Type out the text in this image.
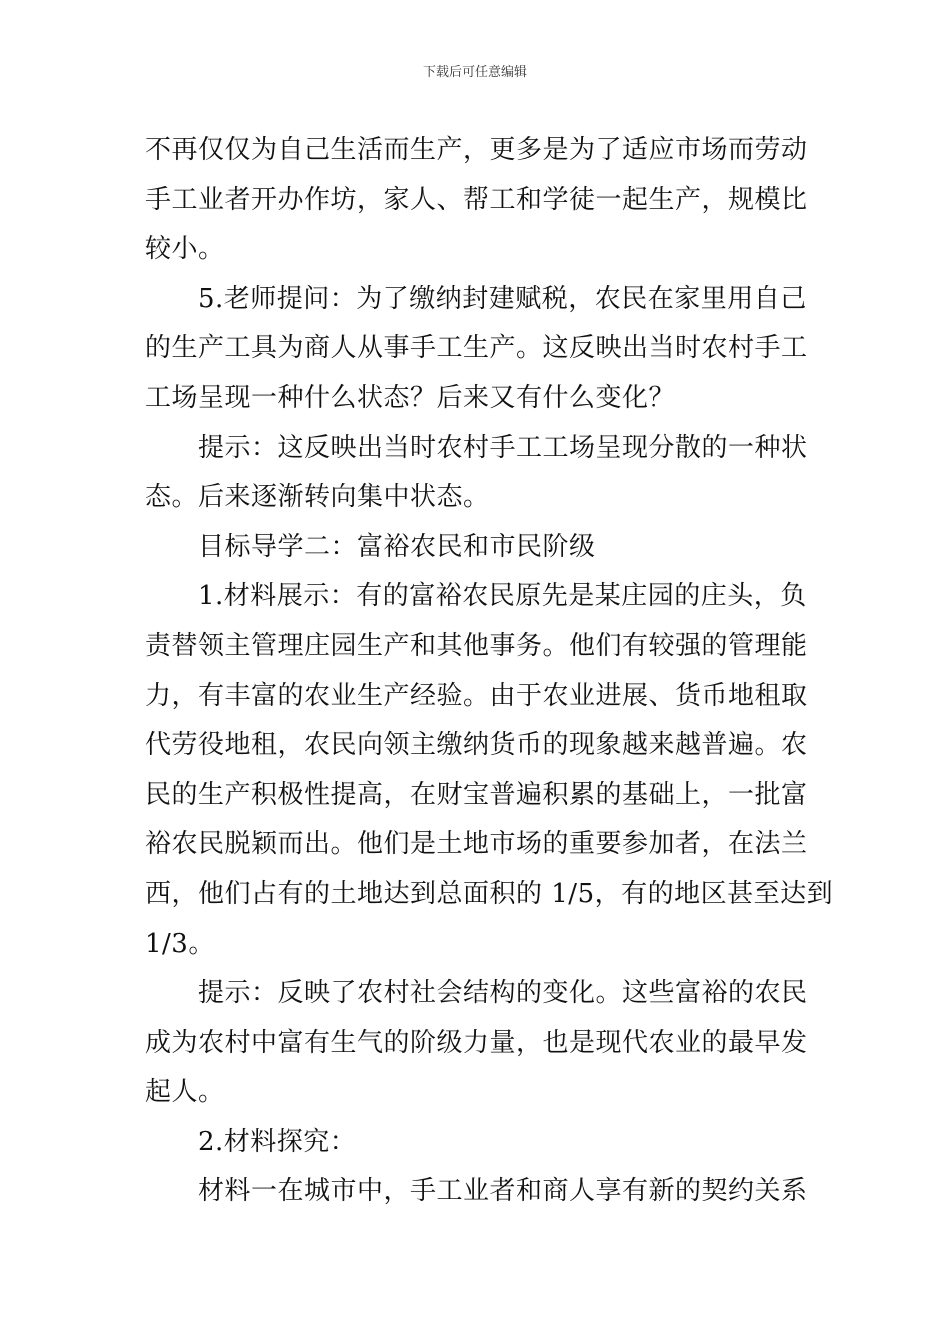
下载后可任意编辑
不再仅仅为自己生活而生产，更多是为了适应市场而劳动
手工业者开办作坊，家人、帮工和学徒一起生产，规模比
较小。
5.老师提问：为了缴纳封建赋税，农民在家里用自己
的生产工具为商人从事手工生产。这反映出当时农村手工
工场呈现一种什么状态？后来又有什么变化？
提示：这反映出当时农村手工工场呈现分散的一种状
态。后来逐渐转向集中状态。
目标导学二：富裕农民和市民阶级
1.材料展示：有的富裕农民原先是某庄园的庄头，负
责替领主管理庄园生产和其他事务。他们有较强的管理能
力，有丰富的农业生产经验。由于农业进展、货币地租取
代劳役地租，农民向领主缴纳货币的现象越来越普遍。农
民的生产积极性提高，在财宝普遍积累的基础上，一批富
裕农民脱颖而出。他们是土地市场的重要参加者，在法兰
西，他们占有的土地达到总面积的 1/5，有的地区甚至达到
1/3。
提示：反映了农村社会结构的变化。这些富裕的农民
成为农村中富有生气的阶级力量，也是现代农业的最早发
起人。
2.材料探究：
材料一在城市中，手工业者和商人享有新的契约关系
